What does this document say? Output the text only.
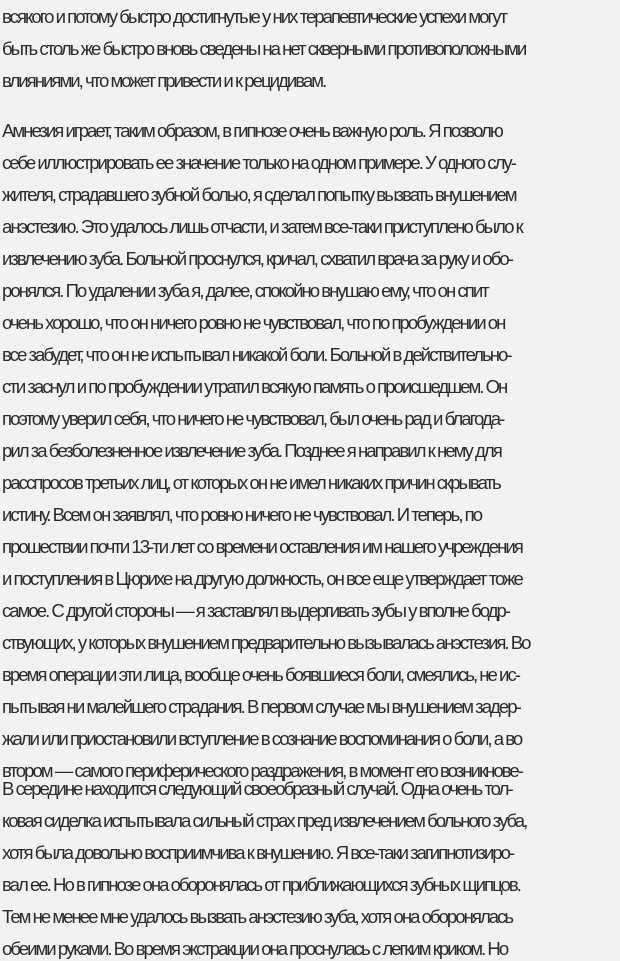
всякого и потому быстро достигнутые у них терапевтические успехи могут
быть столь же быстро вновь сведены на нет скверными противоположными
влияниями, что может привести и к рецидивам.
Амнезия играет, таким образом, в гипнозе очень важную роль. Я позволю
себе иллюстрировать ее значение только на одном примере. У одного слу-
жителя, страдавшего зубной болью, я сделал попытку вызвать внушением
анэстезию. Это удалось лишь отчасти, и затем все-таки приступлено было к
извлечению зуба. Больной проснулся, кричал, схватил врача за руку и обо-
ронялся. По удалении зуба я, далее, спокойно внушаю ему, что он спит
очень хорошо, что он ничего ровно не чувствовал, что по пробуждении он
все забудет, что он не испытывал никакой боли. Больной в действительно-
сти заснул и по пробуждении утратил всякую память о происшедшем. Он
поэтому уверил себя, что ничего не чувствовал, был очень рад и благода-
рил за безболезненное извлечение зуба. Позднее я направил к нему для
расспросов третьих лиц, от которых он не имел никаких причин скрывать
истину. Всем он заявлял, что ровно ничего не чувствовал. И теперь, по
прошествии почти 13-ти лет со времени оставления им нашего учреждения
и поступления в Цюрихе на другую должность, он все еще утверждает тоже
самое. С другой стороны — я заставлял выдергивать зубы у вполне бодр-
ствующих, у которых внушением предварительно вызывалась анэстезия. Во
время операции эти лица, вообще очень боявшиеся боли, смеялись, не ис-
пытывая ни малейшего страдания. В первом случае мы внушением задер-
жали или приостановили вступление в сознание воспоминания о боли, а во
втором — самого периферического раздражения, в момент его возникнове-
В середине находится следующий своеобразный случай. Одна очень тол-
ковая сиделка испытывала сильный страх пред извлечением больного зуба,
хотя была довольно восприимчива к внушению. Я все-таки загипнотизиро-
вал ее. Но в гипнозе она оборонялась от приближающихся зубных щипцов.
Тем не менее мне удалось вызвать анэстезию зуба, хотя она оборонялась
обеими руками. Во время экстракции она проснулась с легким криком. Но
